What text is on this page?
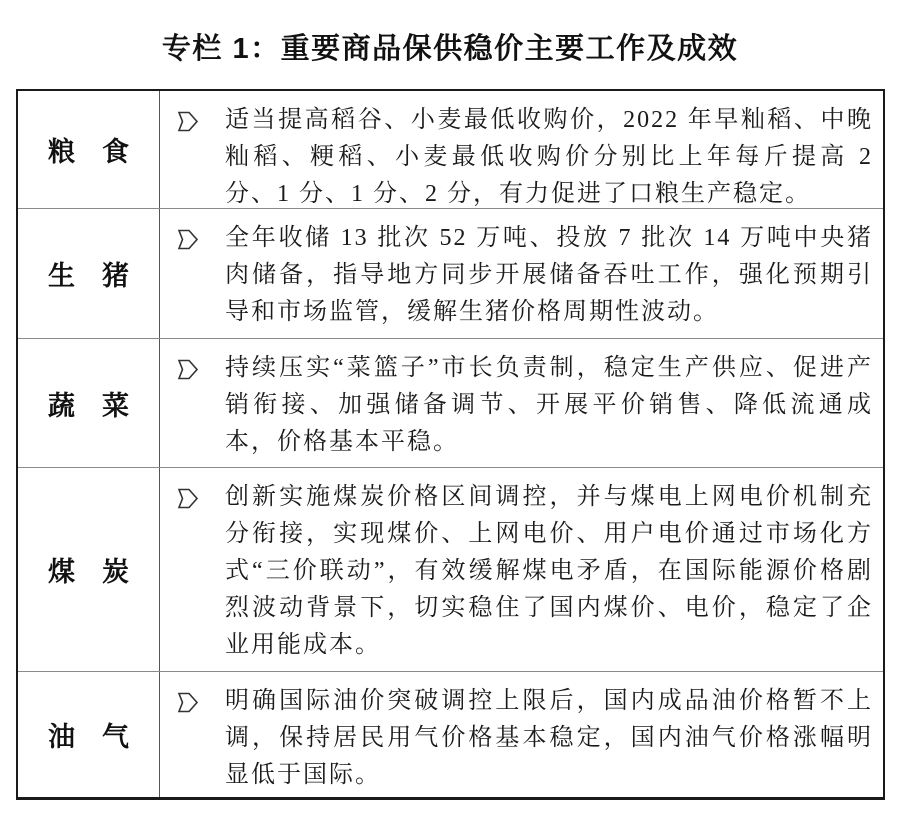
专栏 1：重要商品保供稳价主要工作及成效
粮　食
适当提高稻谷、小麦最低收购价，2022 年早籼稻、中晚籼稻、粳稻、小麦最低收购价分别比上年每斤提高 2 分、1 分、1 分、2 分，有力促进了口粮生产稳定。
生　猪
全年收储 13 批次 52 万吨、投放 7 批次 14 万吨中央猪肉储备，指导地方同步开展储备吞吐工作，强化预期引导和市场监管，缓解生猪价格周期性波动。
蔬　菜
持续压实“菜篮子”市长负责制，稳定生产供应、促进产销衔接、加强储备调节、开展平价销售、降低流通成本，价格基本平稳。
煤　炭
创新实施煤炭价格区间调控，并与煤电上网电价机制充分衔接，实现煤价、上网电价、用户电价通过市场化方式“三价联动”，有效缓解煤电矛盾，在国际能源价格剧烈波动背景下，切实稳住了国内煤价、电价，稳定了企业用能成本。
油　气
明确国际油价突破调控上限后，国内成品油价格暂不上调，保持居民用气价格基本稳定，国内油气价格涨幅明显低于国际。
